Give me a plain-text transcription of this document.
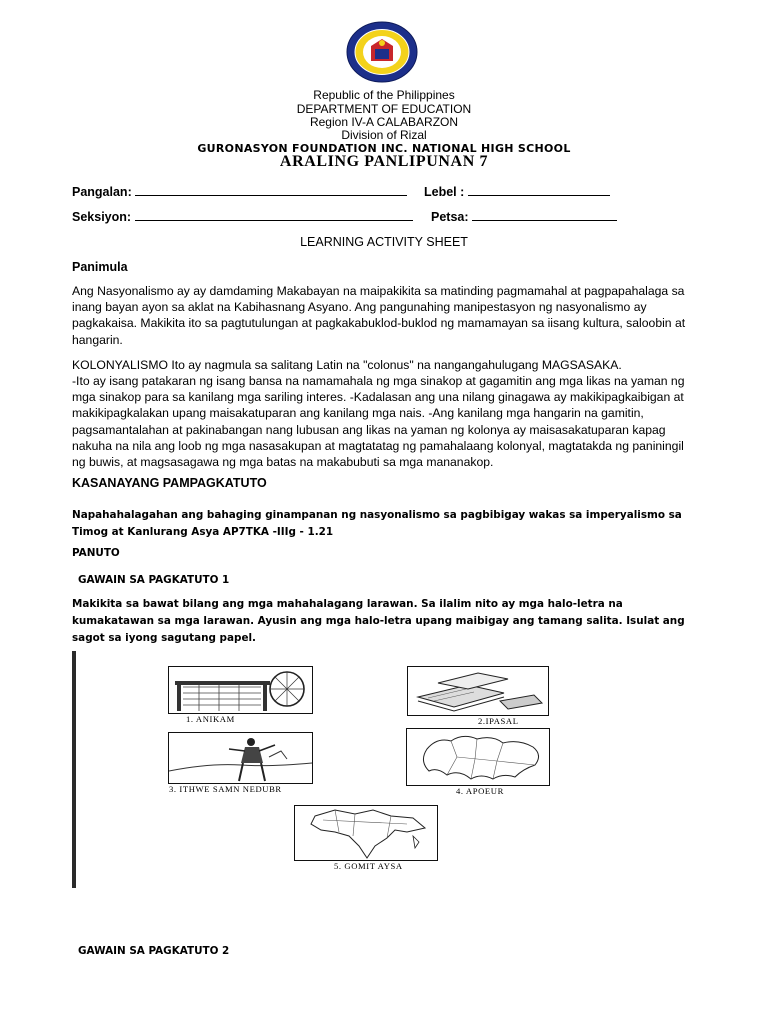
Republic of the Philippines
DEPARTMENT OF EDUCATION
Region IV-A CALABARZON
Division of Rizal
GURONASYON FOUNDATION INC. NATIONAL HIGH SCHOOL
ARALING PANLIPUNAN 7
Pangalan:	Lebel :
Seksiyon:	Petsa:
LEARNING ACTIVITY SHEET
Panimula
Ang Nasyonalismo ay ay damdaming Makabayan na maipakikita sa matinding pagmamahal at pagpapahalaga sa inang bayan ayon sa aklat na Kabihasnang Asyano. Ang pangunahing manipestasyon ng nasyonalismo ay pagkakaisa. Makikita ito sa pagtutulungan at pagkakabuklod-buklod ng mamamayan sa iisang kultura, saloobin at hangarin.
KOLONYALISMO Ito ay nagmula sa salitang Latin na "colonus" na nangangahulugang MAGSASAKA.
-Ito ay isang patakaran ng isang bansa na namamahala ng mga sinakop at gagamitin ang mga likas na yaman ng mga sinakop para sa kanilang mga sariling interes. -Kadalasan ang una nilang ginagawa ay makikipagkaibigan at makikipagkalakan upang maisakatuparan ang kanilang mga nais. -Ang kanilang mga hangarin na gamitin, pagsamantalahan at pakinabangan nang lubusan ang likas na yaman ng kolonya ay maisasakatuparan kapag nakuha na nila ang loob ng mga nasasakupan at magtatatag ng pamahalaang kolonyal, magtatakda ng paniningil ng buwis, at magsasagawa ng mga batas na makabubuti sa mga mananakop.
KASANAYANG PAMPAGKATUTO
Napahahalagahan ang bahaging ginampanan ng nasyonalismo sa pagbibigay wakas sa imperyalismo sa Timog at Kanlurang Asya AP7TKA -IIIg - 1.21
PANUTO
GAWAIN SA PAGKATUTO 1
Makikita sa bawat bilang ang mga mahahalagang larawan. Sa ilalim nito ay mga halo-letra na kumakatawan sa mga larawan. Ayusin ang mga halo-letra upang maibigay ang tamang salita. Isulat ang sagot sa iyong sagutang papel.
1. ANIKAM	2.IPASAL
3. ITHWE SAMN NEDUBR	4. APOEUR
5. GOMIT AYSA
GAWAIN SA PAGKATUTO 2
